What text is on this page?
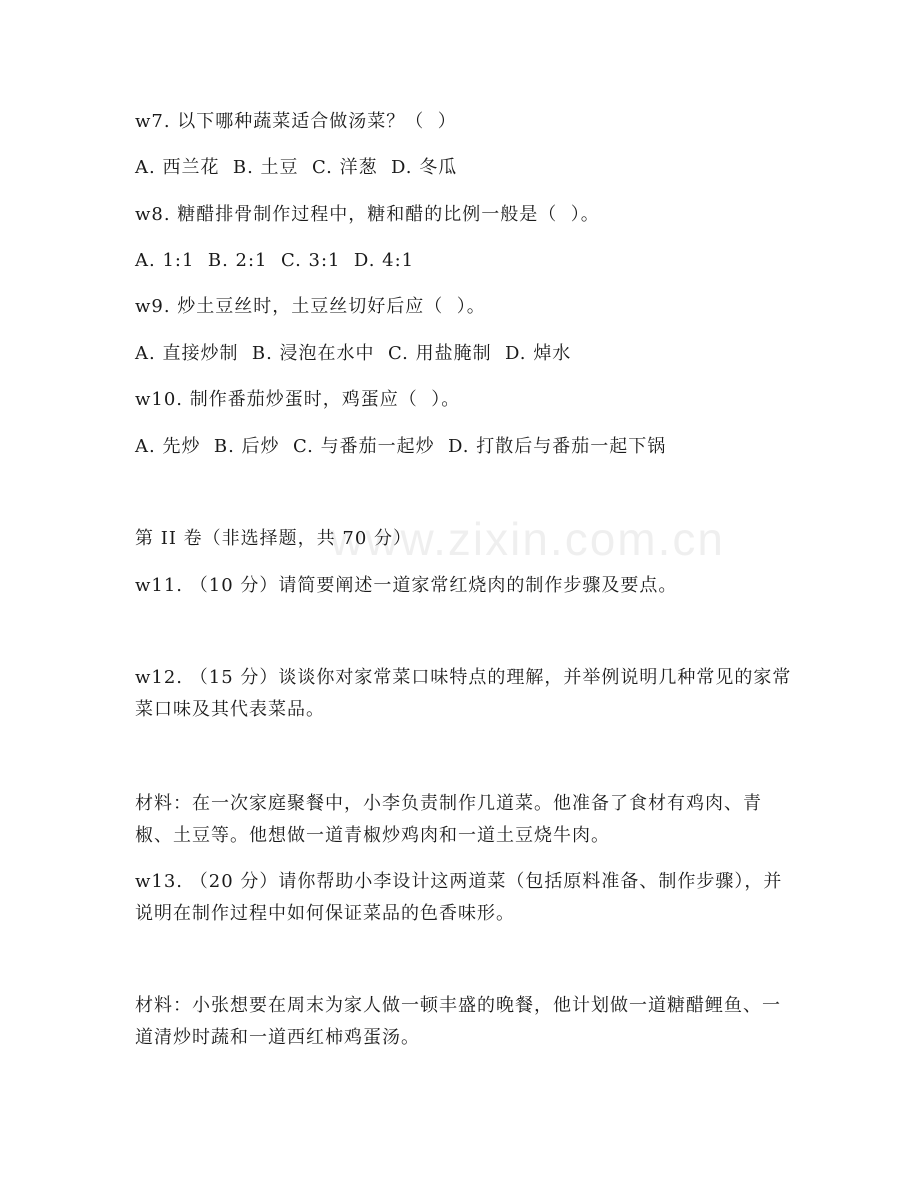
www.zixin.com.cn
w7. 以下哪种蔬菜适合做汤菜？（  ）
A. 西兰花  B. 土豆  C. 洋葱  D. 冬瓜
w8. 糖醋排骨制作过程中，糖和醋的比例一般是（  ）。
A. 1:1  B. 2:1  C. 3:1  D. 4:1
w9. 炒土豆丝时，土豆丝切好后应（  ）。
A. 直接炒制  B. 浸泡在水中  C. 用盐腌制  D. 焯水
w10. 制作番茄炒蛋时，鸡蛋应（  ）。
A. 先炒  B. 后炒  C. 与番茄一起炒  D. 打散后与番茄一起下锅
第 II 卷（非选择题，共 70 分）
w11. （10 分）请简要阐述一道家常红烧肉的制作步骤及要点。
w12. （15 分）谈谈你对家常菜口味特点的理解，并举例说明几种常见的家常菜口味及其代表菜品。
材料：在一次家庭聚餐中，小李负责制作几道菜。他准备了食材有鸡肉、青椒、土豆等。他想做一道青椒炒鸡肉和一道土豆烧牛肉。
w13. （20 分）请你帮助小李设计这两道菜（包括原料准备、制作步骤），并说明在制作过程中如何保证菜品的色香味形。
材料：小张想要在周末为家人做一顿丰盛的晚餐，他计划做一道糖醋鲤鱼、一道清炒时蔬和一道西红柿鸡蛋汤。
